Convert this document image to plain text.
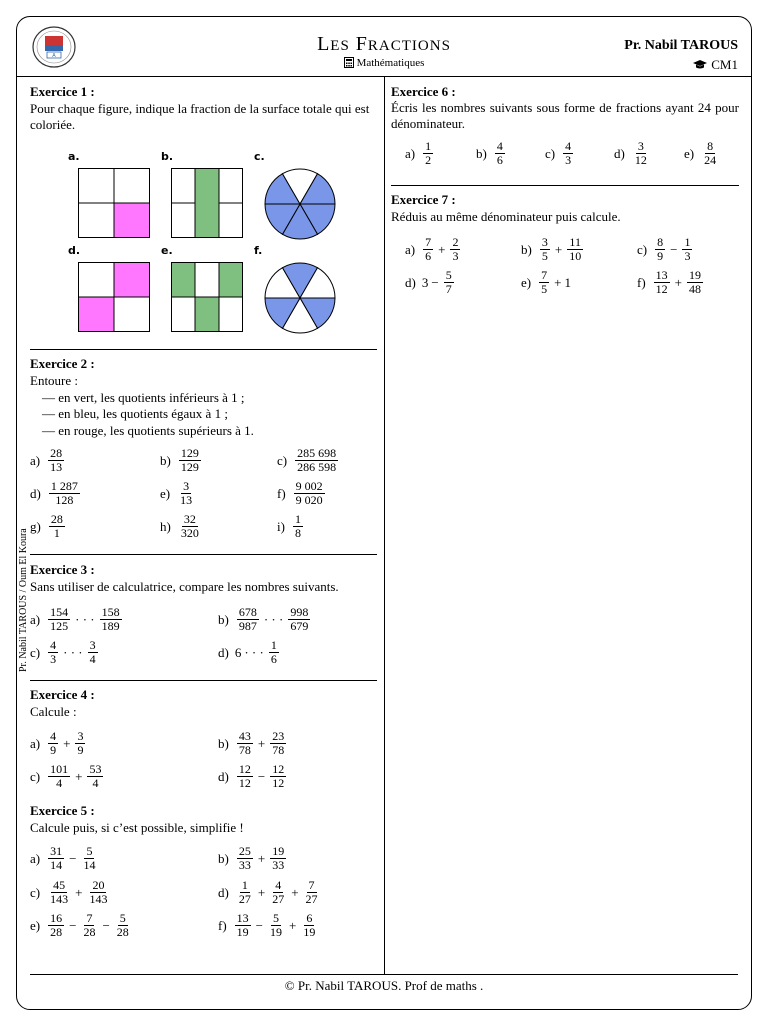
A
LES FRACTIONS
Mathématiques
Pr. Nabil TAROUS
CM1
Pr. Nabil TAROUS / Oum El Koura
Exercice 1 :
Pour chaque figure, indique la fraction de la surface totale qui est coloriée.
a.	b.	c.
d.	e.	f.
Exercice 2 :
Entoure :
— en vert, les quotients inférieurs à 1 ;
— en bleu, les quotients égaux à 1 ;
— en rouge, les quotients supérieurs à 1.
$a) \frac{28}{13}$	$b) \frac{129}{129}$	$c) \frac{285 698}{286 598}$
$d) \frac{1 287}{128}$	$e) \frac{3}{13}$	$f) \frac{9 002}{9 020}$
$g) \frac{28}{1}$	$h) \frac{32}{320}$	$i) \frac{1}{8}$
Exercice 3 :
Sans utiliser de calculatrice, compare les nombres suivants.
$a) \frac{154}{125}$ · · · $\frac{158}{189}$	$b) \frac{678}{987}$ · · · $\frac{998}{679}$
$c) \frac{4}{3}$ · · · $\frac{3}{4}$	d) 6 · · · $\frac{1}{6}$
Exercice 4 :
Calcule :
$a) \frac{4}{9} + \frac{3}{9}$	$b) \frac{43}{78} + \frac{23}{78}$
$c) \frac{101}{4} + \frac{53}{4}$	$d) \frac{12}{12} - \frac{12}{12}$
Exercice 5 :
Calcule puis, si c’est possible, simplifie !
$a) \frac{31}{14} - \frac{5}{14}$	$b) \frac{25}{33} + \frac{19}{33}$
$c) \frac{45}{143} + \frac{20}{143}$	$d) \frac{1}{27} + \frac{4}{27} + \frac{7}{27}$
$e) \frac{16}{28} - \frac{7}{28} - \frac{5}{28}$	$f) \frac{13}{19} - \frac{5}{19} + \frac{6}{19}$
Exercice 6 :
Écris les nombres suivants sous forme de fractions ayant 24 pour dénominateur.
$a) \frac{1}{2}$	$b) \frac{4}{6}$	$c) \frac{4}{3}$	$d) \frac{3}{12}$	$e) \frac{8}{24}$
Exercice 7 :
Réduis au même dénominateur puis calcule.
$a) \frac{7}{6} + \frac{2}{3}$	$b) \frac{3}{5} + \frac{11}{10}$	$c) \frac{8}{9} - \frac{1}{3}$
d) $3 - \frac{5}{7}$	$e) \frac{7}{5} + 1$	$f) \frac{13}{12} + \frac{19}{48}$
© Pr. Nabil TAROUS. Prof de maths .
